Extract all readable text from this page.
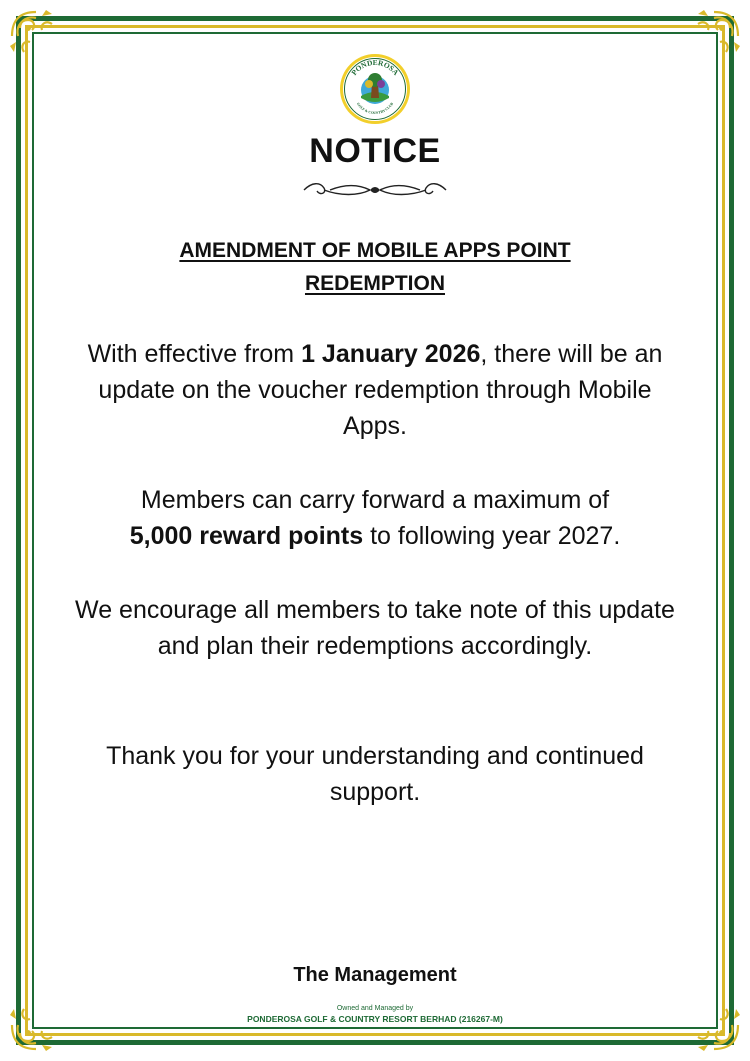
PONDEROSA
GOLF & COUNTRY CLUB
NOTICE
AMENDMENT OF MOBILE APPS POINT
REDEMPTION
With effective from 1 January 2026, there will be an update on the voucher redemption through Mobile Apps.
Members can carry forward a maximum of
5,000 reward points to following year 2027.
We encourage all members to take note of this update and plan their redemptions accordingly.
Thank you for your understanding and continued support.
The Management
Owned and Managed by
PONDEROSA GOLF & COUNTRY RESORT BERHAD (216267-M)
